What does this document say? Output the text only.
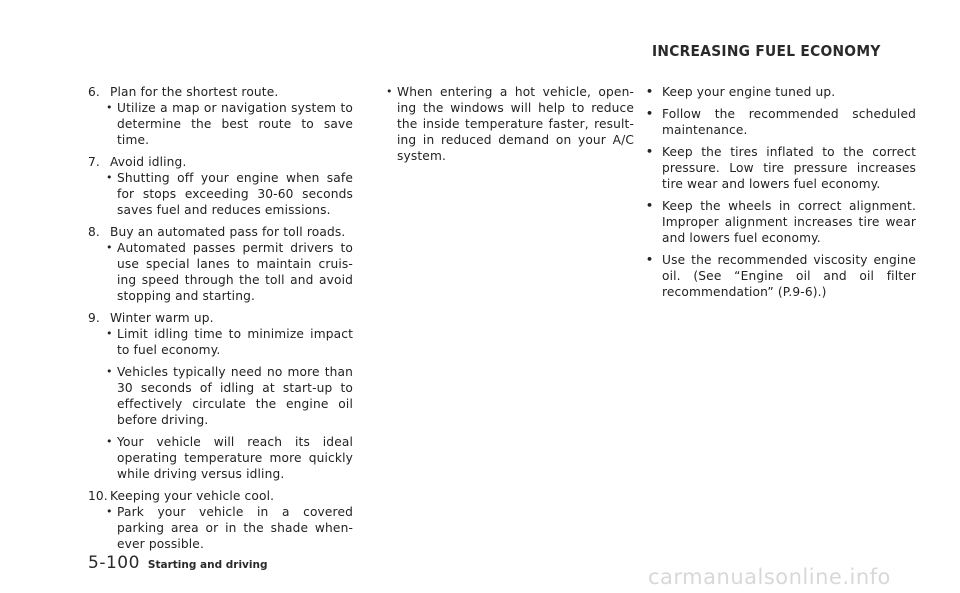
INCREASING FUEL ECONOMY
6. Plan for the shortest route.
• Utilize a map or navigation system to determine the best route to save time.
7. Avoid idling.
• Shutting off your engine when safe for stops exceeding 30-60 seconds saves fuel and reduces emissions.
8. Buy an automated pass for toll roads.
• Automated passes permit drivers to use special lanes to maintain cruis-ing speed through the toll and avoid stopping and starting.
9. Winter warm up.
• Limit idling time to minimize impact to fuel economy.
• Vehicles typically need no more than 30 seconds of idling at start-up to effectively circulate the engine oil before driving.
• Your vehicle will reach its ideal operating temperature more quickly while driving versus idling.
10. Keeping your vehicle cool.
• Park your vehicle in a covered parking area or in the shade when-ever possible.
• When entering a hot vehicle, open-ing the windows will help to reduce the inside temperature faster, result-ing in reduced demand on your A/C system.
• Keep your engine tuned up.
• Follow the recommended scheduled maintenance.
• Keep the tires inflated to the correct pressure. Low tire pressure increases tire wear and lowers fuel economy.
• Keep the wheels in correct alignment. Improper alignment increases tire wear and lowers fuel economy.
• Use the recommended viscosity engine oil. (See “Engine oil and oil filter recommendation” (P.9-6).)
5-100 Starting and driving	carmanualsonline.info
